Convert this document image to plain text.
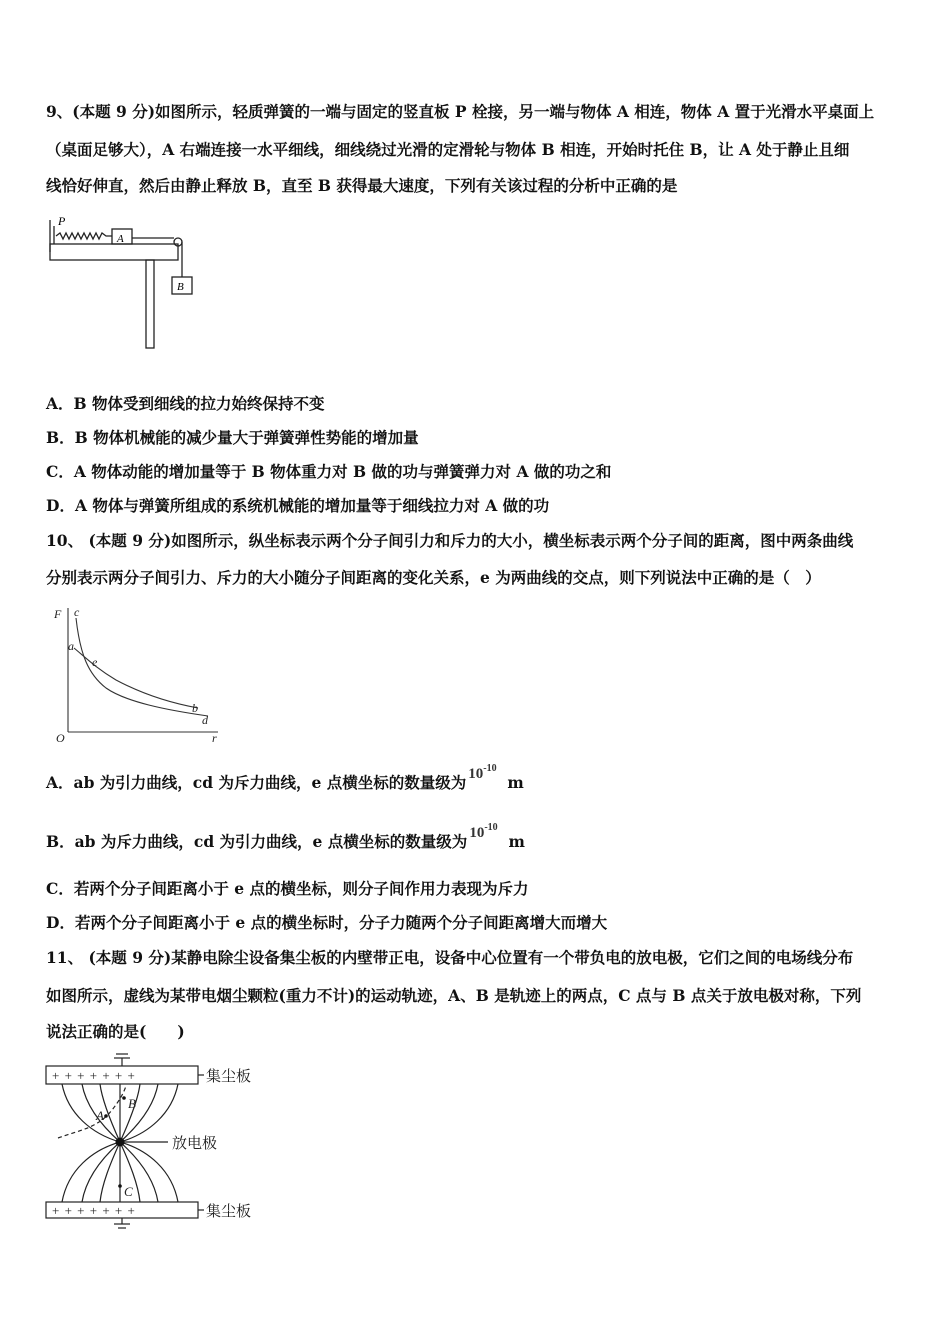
9、(本题 9 分)如图所示，轻质弹簧的一端与固定的竖直板 P 栓接，另一端与物体 A 相连，物体 A 置于光滑水平桌面上
（桌面足够大），A 右端连接一水平细线，细线绕过光滑的定滑轮与物体 B 相连，开始时托住 B，让 A 处于静止且细
线恰好伸直，然后由静止释放 B，直至 B 获得最大速度，下列有关该过程的分析中正确的是
P
A
B
A．B 物体受到细线的拉力始终保持不变
B．B 物体机械能的减少量大于弹簧弹性势能的增加量
C．A 物体动能的增加量等于 B 物体重力对 B 做的功与弹簧弹力对 A 做的功之和
D．A 物体与弹簧所组成的系统机械能的增加量等于细线拉力对 A 做的功
10、 (本题 9 分)如图所示，纵坐标表示两个分子间引力和斥力的大小，横坐标表示两个分子间的距离，图中两条曲线
分别表示两分子间引力、斥力的大小随分子间距离的变化关系，e 为两曲线的交点，则下列说法中正确的是（　）
F c
a
e
b
d
O	r
A．ab 为引力曲线，cd 为斥力曲线，e 点横坐标的数量级为 $10^{-10}$  m
B．ab 为斥力曲线，cd 为引力曲线，e 点横坐标的数量级为 $10^{-10}$  m
C．若两个分子间距离小于 e 点的横坐标，则分子间作用力表现为斥力
D．若两个分子间距离小于 e 点的横坐标时，分子力随两个分子间距离增大而增大
11、 (本题 9 分)某静电除尘设备集尘板的内壁带正电，设备中心位置有一个带负电的放电极，它们之间的电场线分布
如图所示，虚线为某带电烟尘颗粒(重力不计)的运动轨迹，A、B 是轨迹上的两点，C 点与 B 点关于放电极对称，下列
说法正确的是(　　)
+ + + + + + +
+ + + + + + +
B
A
C
集尘板
放电极
集尘板
